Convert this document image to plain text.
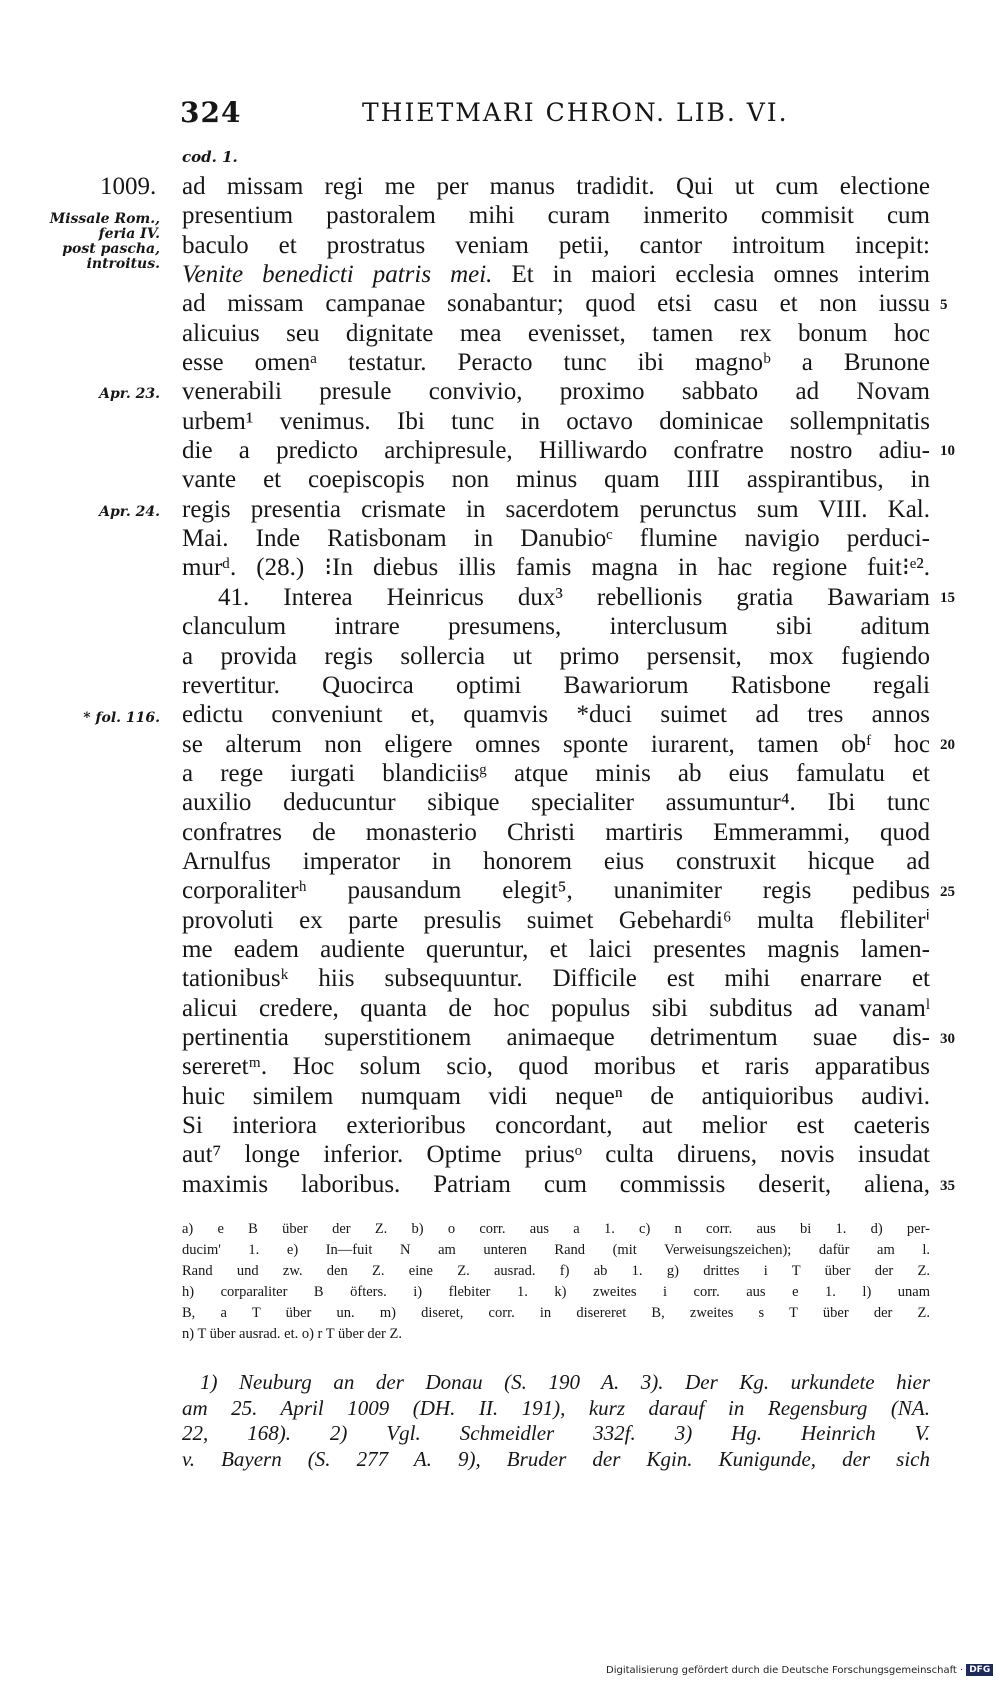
324	THIETMARI CHRON. LIB. VI.
cod. 1.
1009.
Missale Rom.,
feria IV.
post pascha,
introitus.
Apr. 23.
Apr. 24.
* fol. 116.
5
10
15
20
25
30
35
ad missam regi me per manus tradidit. Qui ut cum electione
presentium pastoralem mihi curam inmerito commisit cum
baculo et prostratus veniam petii, cantor introitum incepit:
Venite benedicti patris mei. Et in maiori ecclesia omnes interim
ad missam campanae sonabantur; quod etsi casu et non iussu
alicuius seu dignitate mea evenisset, tamen rex bonum hoc
esse omenᵃ testatur. Peracto tunc ibi magnoᵇ a Brunone
venerabili presule convivio, proximo sabbato ad Novam
urbem¹ venimus. Ibi tunc in octavo dominicae sollempnitatis
die a predicto archipresule, Hilliwardo confratre nostro adiu-
vante et coepiscopis non minus quam IIII asspirantibus, in
regis presentia crismate in sacerdotem perunctus sum VIII. Kal.
Mai. Inde Ratisbonam in Danubioᶜ flumine navigio perduci-
murᵈ. (28.) ⁝In diebus illis famis magna in hac regione fuit⁝ᵉ².
41. Interea Heinricus dux³ rebellionis gratia Bawariam
clanculum intrare presumens, interclusum sibi aditum
a provida regis sollercia ut primo persensit, mox fugiendo
revertitur. Quocirca optimi Bawariorum Ratisbone regali
edictu conveniunt et, quamvis *duci suimet ad tres annos
se alterum non eligere omnes sponte iurarent, tamen obᶠ hoc
a rege iurgati blandiciisᵍ atque minis ab eius famulatu et
auxilio deducuntur sibique specialiter assumuntur⁴. Ibi tunc
confratres de monasterio Christi martiris Emmerammi, quod
Arnulfus imperator in honorem eius construxit hicque ad
corporaliterʰ pausandum elegit⁵, unanimiter regis pedibus
provoluti ex parte presulis suimet Gebehardi⁶ multa flebiliterⁱ
me eadem audiente queruntur, et laici presentes magnis lamen-
tationibusᵏ hiis subsequuntur. Difficile est mihi enarrare et
alicui credere, quanta de hoc populus sibi subditus ad vanamˡ
pertinentia superstitionem animaeque detrimentum suae dis-
sereretᵐ. Hoc solum scio, quod moribus et raris apparatibus
huic similem numquam vidi nequeⁿ de antiquioribus audivi.
Si interiora exterioribus concordant, aut melior est caeteris
aut⁷ longe inferior. Optime priusᵒ culta diruens, novis insudat
maximis laboribus. Patriam cum commissis deserit, aliena,
a) e B über der Z. b) o corr. aus a 1. c) n corr. aus bi 1. d) per-
ducim' 1. e) In—fuit N am unteren Rand (mit Verweisungszeichen); dafür am l.
Rand und zw. den Z. eine Z. ausrad. f) ab 1. g) drittes i T über der Z.
h) corparaliter B öfters. i) flebiter 1. k) zweites i corr. aus e 1. l) unam
B, a T über un. m) diseret, corr. in disereret B, zweites s T über der Z.
n) T über ausrad. et. o) r T über der Z.
1) Neuburg an der Donau (S. 190 A. 3). Der Kg. urkundete hier
am 25. April 1009 (DH. II. 191), kurz darauf in Regensburg (NA.
22, 168). 2) Vgl. Schmeidler 332f. 3) Hg. Heinrich V.
v. Bayern (S. 277 A. 9), Bruder der Kgin. Kunigunde, der sich
Digitalisierung gefördert durch die Deutsche Forschungsgemeinschaft · DFG
